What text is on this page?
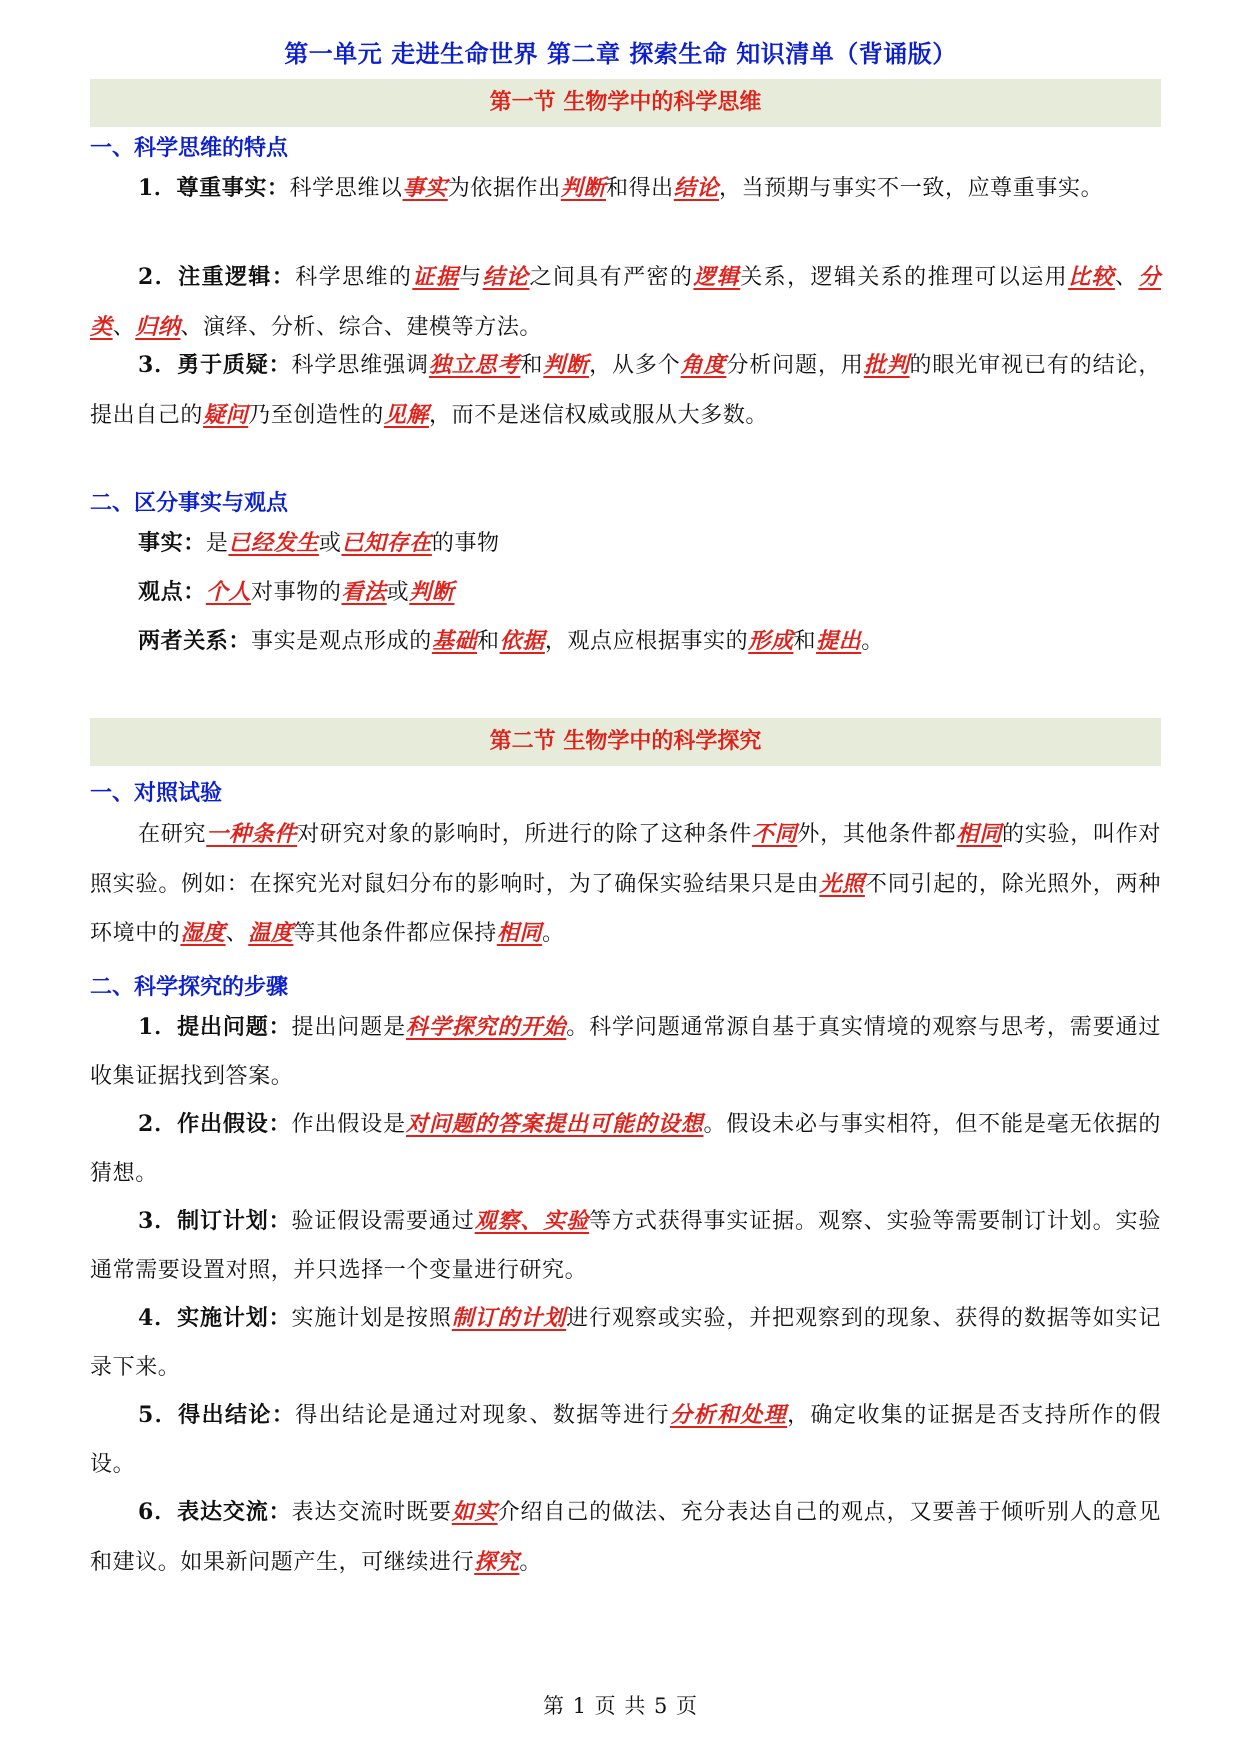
第一单元 走进生命世界 第二章 探索生命 知识清单（背诵版）
第一节 生物学中的科学思维
一、科学思维的特点
1．尊重事实：科学思维以事实为依据作出判断和得出结论，当预期与事实不一致，应尊重事实。
2．注重逻辑：科学思维的证据与结论之间具有严密的逻辑关系，逻辑关系的推理可以运用比较、分类、归纳、演绎、分析、综合、建模等方法。
3．勇于质疑：科学思维强调独立思考和判断，从多个角度分析问题，用批判的眼光审视已有的结论，提出自己的疑问乃至创造性的见解，而不是迷信权威或服从大多数。
二、区分事实与观点
事实：是已经发生或已知存在的事物
观点：个人对事物的看法或判断
两者关系：事实是观点形成的基础和依据，观点应根据事实的形成和提出。
第二节 生物学中的科学探究
一、对照试验
在研究一种条件对研究对象的影响时，所进行的除了这种条件不同外，其他条件都相同的实验，叫作对照实验。例如：在探究光对鼠妇分布的影响时，为了确保实验结果只是由光照不同引起的，除光照外，两种环境中的湿度、温度等其他条件都应保持相同。
二、科学探究的步骤
1．提出问题：提出问题是科学探究的开始。科学问题通常源自基于真实情境的观察与思考，需要通过收集证据找到答案。
2．作出假设：作出假设是对问题的答案提出可能的设想。假设未必与事实相符，但不能是毫无依据的猜想。
3．制订计划：验证假设需要通过观察、实验等方式获得事实证据。观察、实验等需要制订计划。实验通常需要设置对照，并只选择一个变量进行研究。
4．实施计划：实施计划是按照制订的计划进行观察或实验，并把观察到的现象、获得的数据等如实记录下来。
5．得出结论：得出结论是通过对现象、数据等进行分析和处理，确定收集的证据是否支持所作的假设。
6．表达交流：表达交流时既要如实介绍自己的做法、充分表达自己的观点，又要善于倾听别人的意见和建议。如果新问题产生，可继续进行探究。
第 1 页 共 5 页
